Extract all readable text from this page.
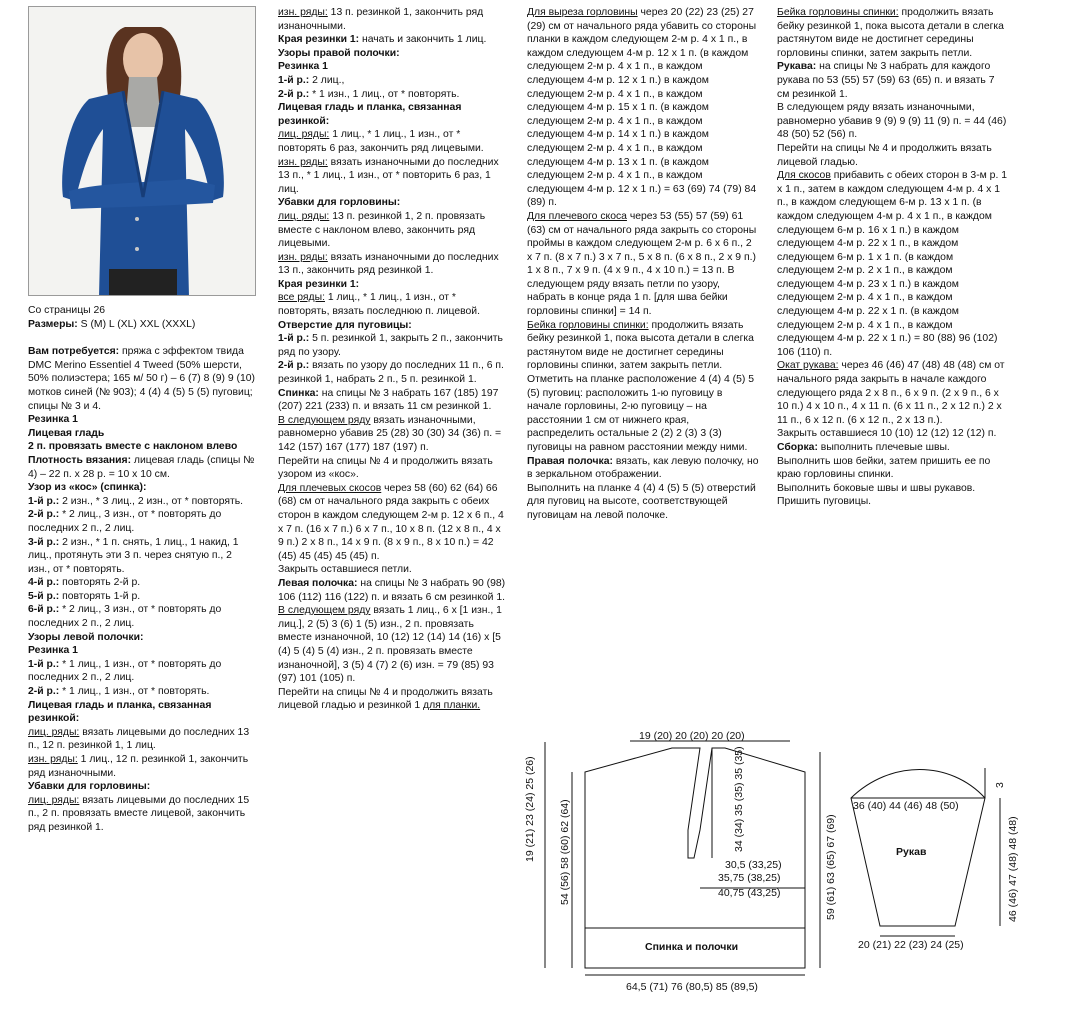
Со страницы 26

Размеры: S (M) L (XL) XXL (XXXL)

Вам потребуется: пряжа с эффектом твида DMC Merino Essentiel 4 Tweed (50% шерсти, 50% полиэстера; 165 м/ 50 г) – 6 (7) 8 (9) 9 (10) мотков синей (№ 903); 4 (4) 4 (5) 5 (5) пуговиц; спицы № 3 и 4.

Резинка 1

Лицевая гладь

2 п. провязать вместе с наклоном влево

Плотность вязания: лицевая гладь (спицы № 4) – 22 п. х 28 р. = 10 х 10 см.

Узор из «кос» (спинка):

1-й р.: 2 изн., * 3 лиц., 2 изн., от * повторять.

2-й р.: * 2 лиц., 3 изн., от * повторять до последних 2 п., 2 лиц.

3-й р.: 2 изн., * 1 п. снять, 1 лиц., 1 накид, 1 лиц., протянуть эти 3 п. через снятую п., 2 изн., от * повторять.

4-й р.: повторять 2-й р.

5-й р.: повторять 1-й р.

6-й р.: * 2 лиц., 3 изн., от * повторять до последних 2 п., 2 лиц.

Узоры левой полочки:

Резинка 1

1-й р.: * 1 лиц., 1 изн., от * повторять до последних 2 п., 2 лиц.

2-й р.: * 1 лиц., 1 изн., от * повторять.

Лицевая гладь и планка, связанная резинкой:

лиц. ряды: вязать лицевыми до последних 13 п., 12 п. резинкой 1, 1 лиц.

изн. ряды: 1 лиц., 12 п. резинкой 1, закончить ряд изнаночными.

Убавки для горловины:

лиц. ряды: вязать лицевыми до последних 15 п., 2 п. провязать вместе лицевой, закончить ряд резинкой 1.

изн. ряды: 13 п. резинкой 1, закончить ряд изнаночными.

Края резинки 1: начать и закончить 1 лиц.

Узоры правой полочки:

Резинка 1

1-й р.: 2 лиц.,

2-й р.: * 1 изн., 1 лиц., от * повторять.

Лицевая гладь и планка, связанная резинкой:

лиц. ряды: 1 лиц., * 1 лиц., 1 изн., от * повторять 6 раз, закончить ряд лицевыми.

изн. ряды: вязать изнаночными до последних 13 п., * 1 лиц., 1 изн., от * повторить 6 раз, 1 лиц.

Убавки для горловины:

лиц. ряды: 13 п. резинкой 1, 2 п. провязать вместе с наклоном влево, закончить ряд лицевыми.

изн. ряды: вязать изнаночными до последних 13 п., закончить ряд резинкой 1.

Края резинки 1:

все ряды: 1 лиц., * 1 лиц., 1 изн., от * повторять, вязать последнюю п. лицевой.

Отверстие для пуговицы:

1-й р.: 5 п. резинкой 1, закрыть 2 п., закончить ряд по узору.

2-й р.: вязать по узору до последних 11 п., 6 п. резинкой 1, набрать 2 п., 5 п. резинкой 1.

Спинка: на спицы № 3 набрать 167 (185) 197 (207) 221 (233) п. и вязать 11 см резинкой 1.

В следующем ряду вязать изнаночными, равномерно убавив 25 (28) 30 (30) 34 (36) п. = 142 (157) 167 (177) 187 (197) п.

Перейти на спицы № 4 и продолжить вязать узором из «кос».

Для плечевых скосов через 58 (60) 62 (64) 66 (68) см от начального ряда закрыть с обеих сторон в каждом следующем 2-м р. 12 х 6 п., 4 х 7 п. (16 х 7 п.) 6 х 7 п., 10 х 8 п. (12 х 8 п., 4 х 9 п.) 2 х 8 п., 14 х 9 п. (8 х 9 п., 8 х 10 п.) = 42 (45) 45 (45) 45 (45) п.

Закрыть оставшиеся петли.

Левая полочка: на спицы № 3 набрать 90 (98) 106 (112) 116 (122) п. и вязать 6 см резинкой 1.

В следующем ряду вязать 1 лиц., 6 х [1 изн., 1 лиц.], 2 (5) 3 (6) 1 (5) изн., 2 п. провязать вместе изнаночной, 10 (12) 12 (14) 14 (16) х [5 (4) 5 (4) 5 (4) изн., 2 п. провязать вместе изнаночной], 3 (5) 4 (7) 2 (6) изн. = 79 (85) 93 (97) 101 (105) п.

Перейти на спицы № 4 и продолжить вязать лицевой гладью и резинкой 1 для планки.

Для выреза горловины через 20 (22) 23 (25) 27 (29) см от начального ряда убавить со стороны планки в каждом следующем 2-м р. 4 х 1 п., в каждом следующем 4-м р. 12 х 1 п. (в каждом следующем 2-м р. 4 х 1 п., в каждом следующем 4-м р. 12 х 1 п.) в каждом следующем 2-м р. 4 х 1 п., в каждом следующем 4-м р. 15 х 1 п. (в каждом следующем 2-м р. 4 х 1 п., в каждом следующем 4-м р. 14 х 1 п.) в каждом следующем 2-м р. 4 х 1 п., в каждом следующем 4-м р. 13 х 1 п. (в каждом следующем 2-м р. 4 х 1 п., в каждом следующем 4-м р. 12 х 1 п.) = 63 (69) 74 (79) 84 (89) п.

Для плечевого скоса через 53 (55) 57 (59) 61 (63) см от начального ряда закрыть со стороны проймы в каждом следующем 2-м р. 6 х 6 п., 2 х 7 п. (8 х 7 п.) 3 х 7 п., 5 х 8 п. (6 х 8 п., 2 х 9 п.) 1 х 8 п., 7 х 9 п. (4 х 9 п., 4 х 10 п.) = 13 п. В следующем ряду вязать петли по узору, набрать в конце ряда 1 п. [для шва бейки горловины спинки] = 14 п.

Бейка горловины спинки: продолжить вязать бейку резинкой 1, пока высота детали в слегка растянутом виде не достигнет середины горловины спинки, затем закрыть петли.

Отметить на планке расположение 4 (4) 4 (5) 5 (5) пуговиц: расположить 1-ю пуговицу в начале горловины, 2-ю пуговицу – на расстоянии 1 см от нижнего края, распределить остальные 2 (2) 2 (3) 3 (3) пуговицы на равном расстоянии между ними.

Правая полочка: вязать, как левую полочку, но в зеркальном отображении.

Выполнить на планке 4 (4) 4 (5) 5 (5) отверстий для пуговиц на высоте, соответствующей пуговицам на левой полочке.

Бейка горловины спинки: продолжить вязать бейку резинкой 1, пока высота детали в слегка растянутом виде не достигнет середины горловины спинки, затем закрыть петли.

Рукава: на спицы № 3 набрать для каждого рукава по 53 (55) 57 (59) 63 (65) п. и вязать 7 см резинкой 1.

В следующем ряду вязать изнаночными, равномерно убавив 9 (9) 9 (9) 11 (9) п. = 44 (46) 48 (50) 52 (56) п.

Перейти на спицы № 4 и продолжить вязать лицевой гладью.

Для скосов прибавить с обеих сторон в 3-м р. 1 х 1 п., затем в каждом следующем 4-м р. 4 х 1 п., в каждом следующем 6-м р. 13 х 1 п. (в каждом следующем 4-м р. 4 х 1 п., в каждом следующем 6-м р. 16 х 1 п.) в каждом следующем 4-м р. 22 х 1 п., в каждом следующем 6-м р. 1 х 1 п. (в каждом следующем 2-м р. 2 х 1 п., в каждом следующем 4-м р. 23 х 1 п.) в каждом следующем 2-м р. 4 х 1 п., в каждом следующем 4-м р. 22 х 1 п. (в каждом следующем 2-м р. 4 х 1 п., в каждом следующем 4-м р. 22 х 1 п.) = 80 (88) 96 (102) 106 (110) п.

Окат рукава: через 46 (46) 47 (48) 48 (48) см от начального ряда закрыть в начале каждого следующего ряда 2 х 8 п., 6 х 9 п. (2 х 9 п., 6 х 10 п.) 4 х 10 п., 4 х 11 п. (6 х 11 п., 2 х 12 п.) 2 х 11 п., 6 х 12 п. (6 х 12 п., 2 х 13 п.).

Закрыть оставшиеся 10 (10) 12 (12) 12 (12) п.

Сборка: выполнить плечевые швы.

Выполнить шов бейки, затем пришить ее по краю горловины спинки.

Выполнить боковые швы и швы рукавов.

Пришить пуговицы.

19 (20) 20 (20) 20 (20)
19 (21) 23 (24) 25 (26) 54 (56) 58 (60) 62 (64)
34 (34) 35 (35) 35 (35)
59 (61) 63 (65) 67 (69)
30,5 (33,25)
35,75 (38,25)
40,75 (43,25)
Спинка и полочки
64,5 (71) 76 (80,5) 85 (89,5)
36 (40) 44 (46) 48 (50)
Рукав
3
46 (46) 47 (48) 48 (48)
20 (21) 22 (23) 24 (25)
